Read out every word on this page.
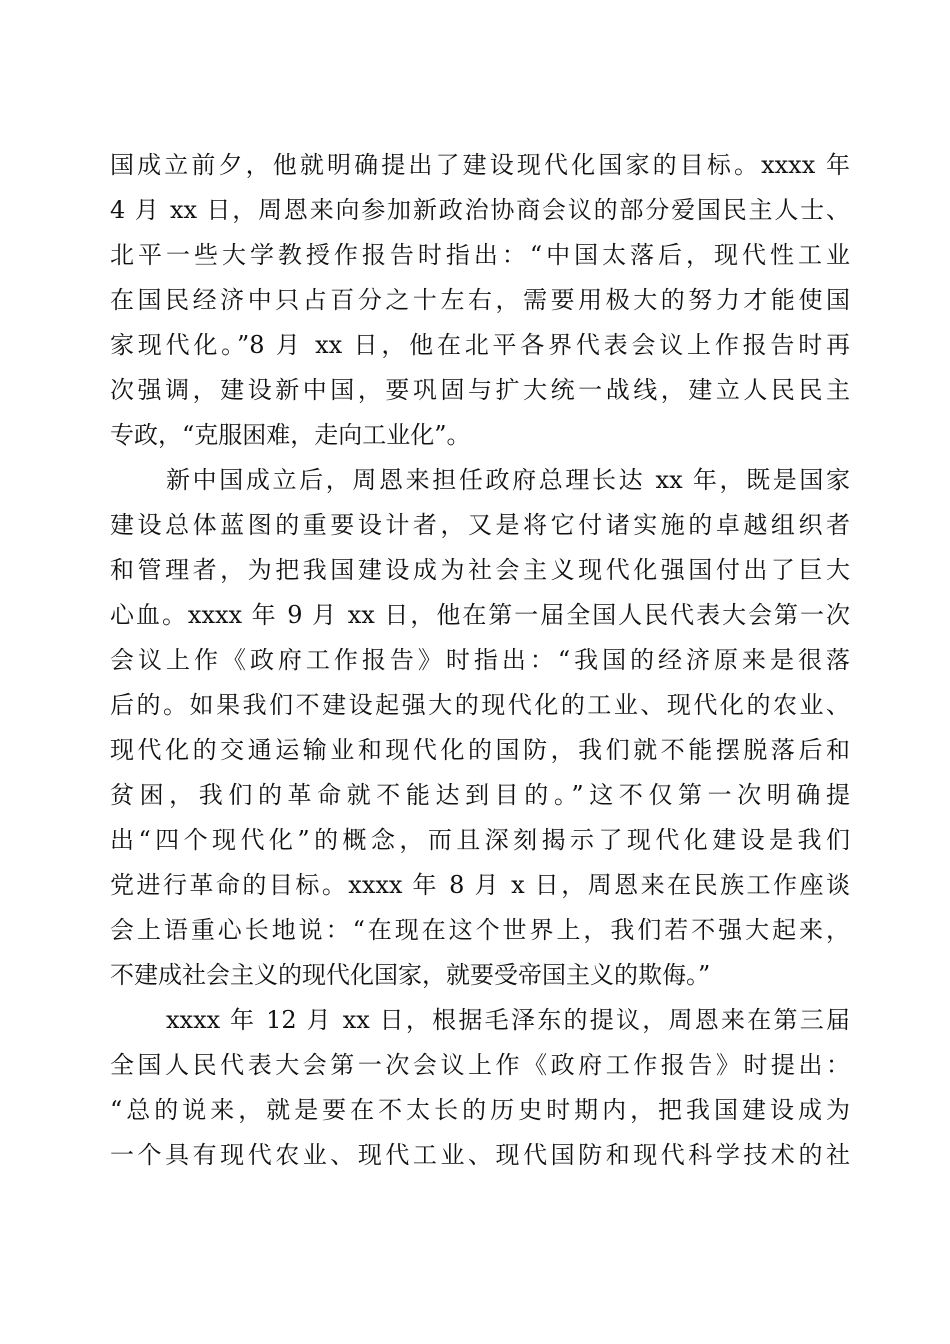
国成立前夕，他就明确提出了建设现代化国家的目标。xxxx 年
4 月 xx 日，周恩来向参加新政治协商会议的部分爱国民主人士、
北平一些大学教授作报告时指出：“中国太落后，现代性工业
在国民经济中只占百分之十左右，需要用极大的努力才能使国
家现代化。”8 月 xx 日，他在北平各界代表会议上作报告时再
次强调，建设新中国，要巩固与扩大统一战线，建立人民民主
专政，“克服困难，走向工业化”。
新中国成立后，周恩来担任政府总理长达 xx 年，既是国家
建设总体蓝图的重要设计者，又是将它付诸实施的卓越组织者
和管理者，为把我国建设成为社会主义现代化强国付出了巨大
心血。xxxx 年 9 月 xx 日，他在第一届全国人民代表大会第一次
会议上作《政府工作报告》时指出：“我国的经济原来是很落
后的。如果我们不建设起强大的现代化的工业、现代化的农业、
现代化的交通运输业和现代化的国防，我们就不能摆脱落后和
贫困，我们的革命就不能达到目的。”这不仅第一次明确提
出“四个现代化”的概念，而且深刻揭示了现代化建设是我们
党进行革命的目标。xxxx 年 8 月 x 日，周恩来在民族工作座谈
会上语重心长地说：“在现在这个世界上，我们若不强大起来，
不建成社会主义的现代化国家，就要受帝国主义的欺侮。”
xxxx 年 12 月 xx 日，根据毛泽东的提议，周恩来在第三届
全国人民代表大会第一次会议上作《政府工作报告》时提出：
“总的说来，就是要在不太长的历史时期内，把我国建设成为
一个具有现代农业、现代工业、现代国防和现代科学技术的社
